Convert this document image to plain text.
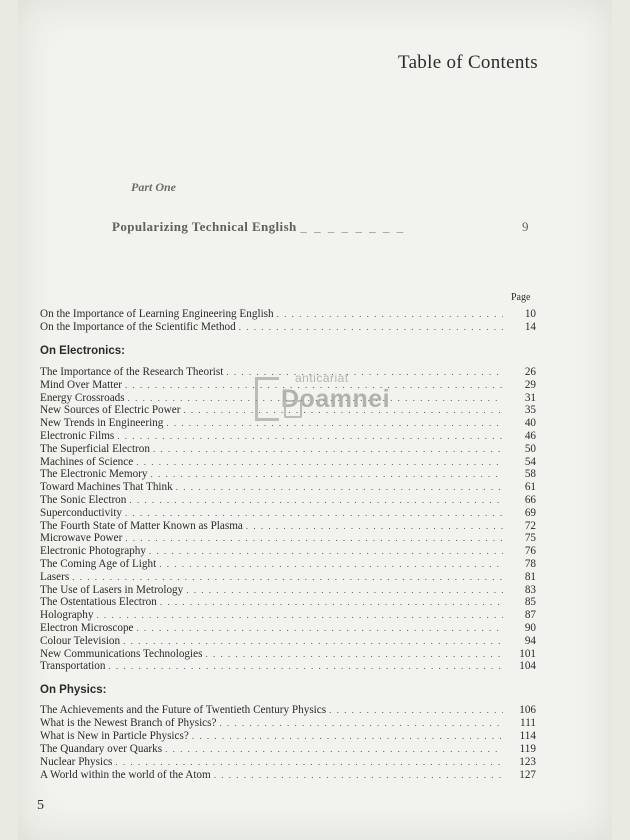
Table of Contents
Part One
Popularizing Technical English _ _ _ _ _ _ _ _	9
Page
On the Importance of Learning Engineering English . . .	10
On the Importance of the Scientific Method . . .	14
On Electronics:
The Importance of the Research Theorist . . .	26
Mind Over Matter . . .	29
Energy Crossroads . . .	31
New Sources of Electric Power . . .	35
New Trends in Engineering . . .	40
Electronic Films . . .	46
The Superficial Electron . . .	50
Machines of Science . . .	54
The Electronic Memory . . .	58
Toward Machines That Think . . .	61
The Sonic Electron . . .	66
Superconductivity . . .	69
The Fourth State of Matter Known as Plasma . . .	72
Microwave Power . . .	75
Electronic Photography . . .	76
The Coming Age of Light . . .	78
Lasers . . .	81
The Use of Lasers in Metrology . . .	83
The Ostentatious Electron . . .	85
Holography . . .	87
Electron Microscope . . .	90
Colour Television . . .	94
New Communications Technologies . . .	101
Transportation . . .	104
On Physics:
The Achievements and the Future of Twentieth Century Physics . . .	106
What is the Newest Branch of Physics? . . .	111
What is New in Particle Physics? . . .	114
The Quandary over Quarks . . .	119
Nuclear Physics . . .	123
A World within the world of the Atom . . .	127
5
anticariat
Doamnei
